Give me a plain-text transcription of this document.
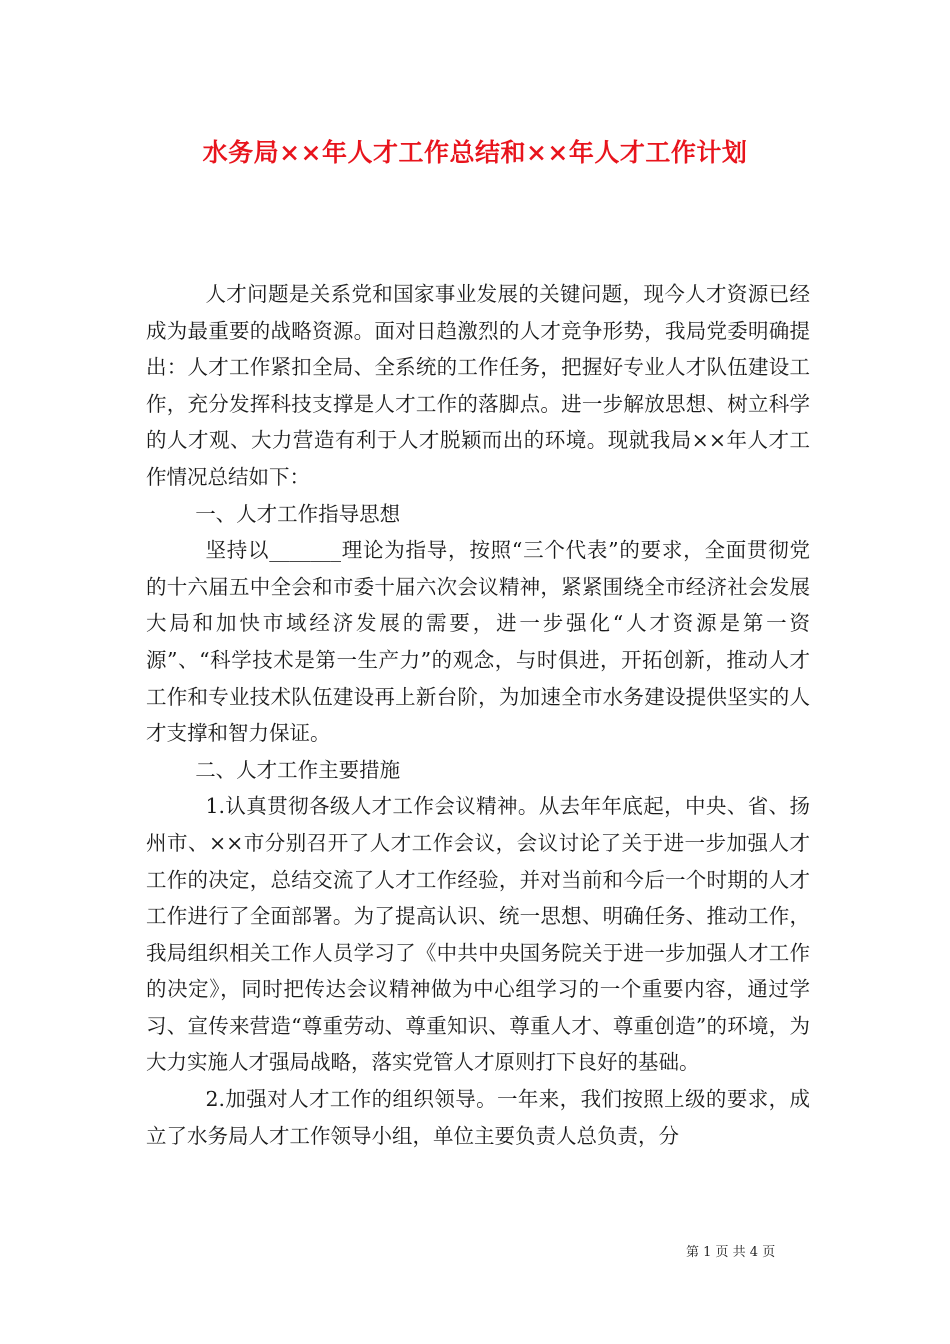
水务局××年人才工作总结和××年人才工作计划

人才问题是关系党和国家事业发展的关键问题，现今人才资源已经成为最重要的战略资源。面对日趋激烈的人才竞争形势，我局党委明确提出：人才工作紧扣全局、全系统的工作任务，把握好专业人才队伍建设工作，充分发挥科技支撑是人才工作的落脚点。进一步解放思想、树立科学的人才观、大力营造有利于人才脱颖而出的环境。现就我局××年人才工作情况总结如下：

一、人才工作指导思想

坚持以_______理论为指导，按照“三个代表”的要求，全面贯彻党的十六届五中全会和市委十届六次会议精神，紧紧围绕全市经济社会发展大局和加快市域经济发展的需要，进一步强化“人才资源是第一资源”、“科学技术是第一生产力”的观念，与时俱进，开拓创新，推动人才工作和专业技术队伍建设再上新台阶，为加速全市水务建设提供坚实的人才支撑和智力保证。

二、人才工作主要措施

1.认真贯彻各级人才工作会议精神。从去年年底起，中央、省、扬州市、××市分别召开了人才工作会议，会议讨论了关于进一步加强人才工作的决定，总结交流了人才工作经验，并对当前和今后一个时期的人才工作进行了全面部署。为了提高认识、统一思想、明确任务、推动工作，我局组织相关工作人员学习了《中共中央国务院关于进一步加强人才工作的决定》，同时把传达会议精神做为中心组学习的一个重要内容，通过学习、宣传来营造“尊重劳动、尊重知识、尊重人才、尊重创造”的环境，为大力实施人才强局战略，落实党管人才原则打下良好的基础。

2.加强对人才工作的组织领导。一年来，我们按照上级的要求，成立了水务局人才工作领导小组，单位主要负责人总负责，分

第 1 页 共 4 页
